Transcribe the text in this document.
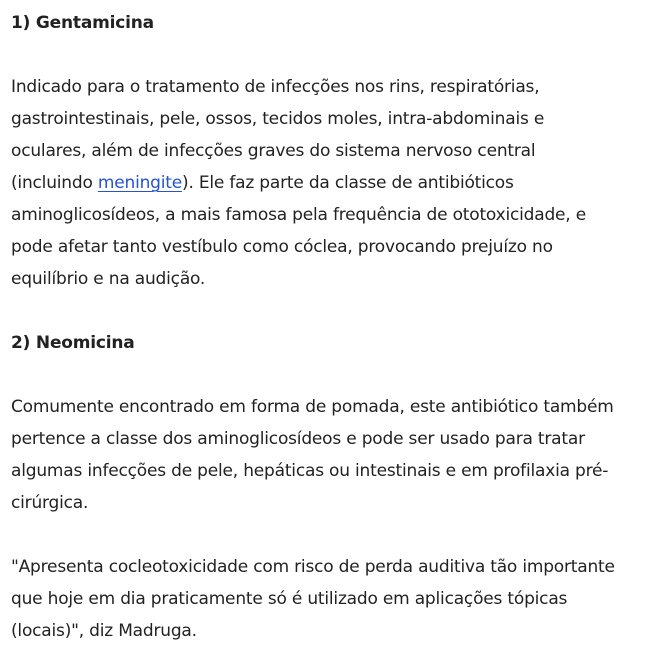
1) Gentamicina
Indicado para o tratamento de infecções nos rins, respiratórias,
gastrointestinais, pele, ossos, tecidos moles, intra-abdominais e
oculares, além de infecções graves do sistema nervoso central
(incluindo meningite). Ele faz parte da classe de antibióticos
aminoglicosídeos, a mais famosa pela frequência de ototoxicidade, e
pode afetar tanto vestíbulo como cóclea, provocando prejuízo no
equilíbrio e na audição.
2) Neomicina
Comumente encontrado em forma de pomada, este antibiótico também
pertence a classe dos aminoglicosídeos e pode ser usado para tratar
algumas infecções de pele, hepáticas ou intestinais e em profilaxia pré-
cirúrgica.
"Apresenta cocleotoxicidade com risco de perda auditiva tão importante
que hoje em dia praticamente só é utilizado em aplicações tópicas
(locais)", diz Madruga.
